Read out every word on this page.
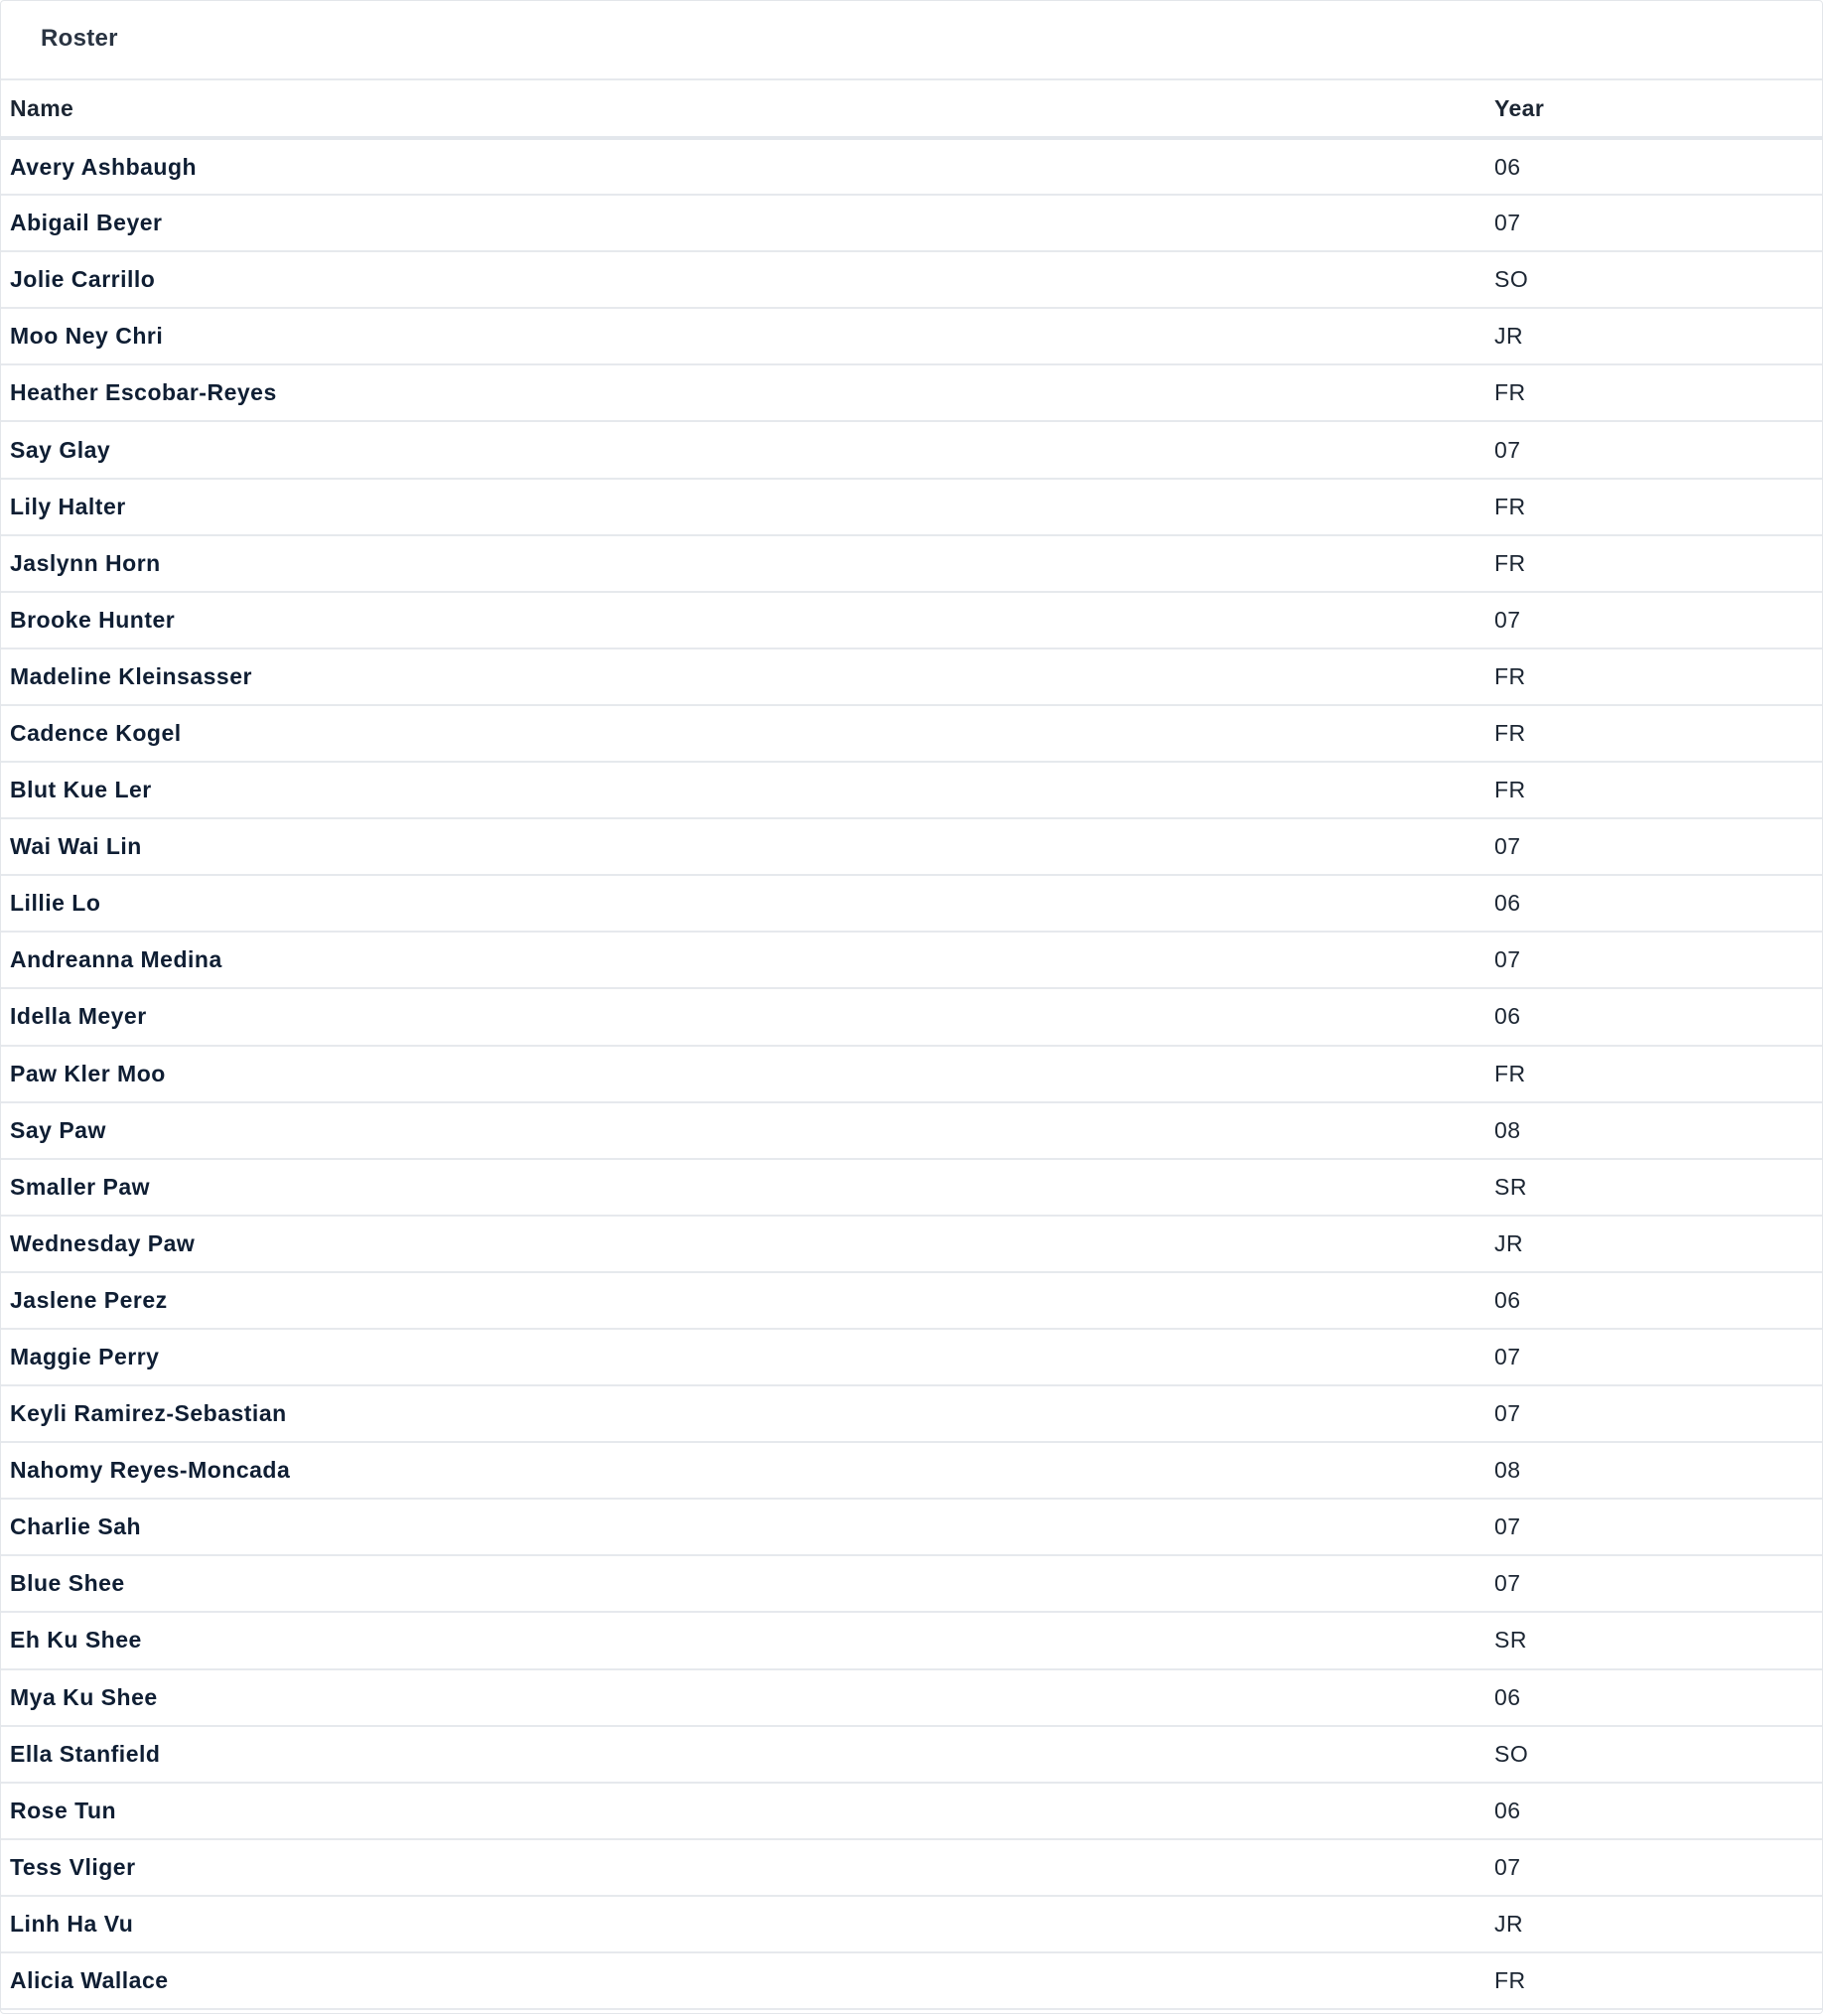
Roster
Name	Year
Avery Ashbaugh	06
Abigail Beyer	07
Jolie Carrillo	SO
Moo Ney Chri	JR
Heather Escobar-Reyes	FR
Say Glay	07
Lily Halter	FR
Jaslynn Horn	FR
Brooke Hunter	07
Madeline Kleinsasser	FR
Cadence Kogel	FR
Blut Kue Ler	FR
Wai Wai Lin	07
Lillie Lo	06
Andreanna Medina	07
Idella Meyer	06
Paw Kler Moo	FR
Say Paw	08
Smaller Paw	SR
Wednesday Paw	JR
Jaslene Perez	06
Maggie Perry	07
Keyli Ramirez-Sebastian	07
Nahomy Reyes-Moncada	08
Charlie Sah	07
Blue Shee	07
Eh Ku Shee	SR
Mya Ku Shee	06
Ella Stanfield	SO
Rose Tun	06
Tess Vliger	07
Linh Ha Vu	JR
Alicia Wallace	FR
